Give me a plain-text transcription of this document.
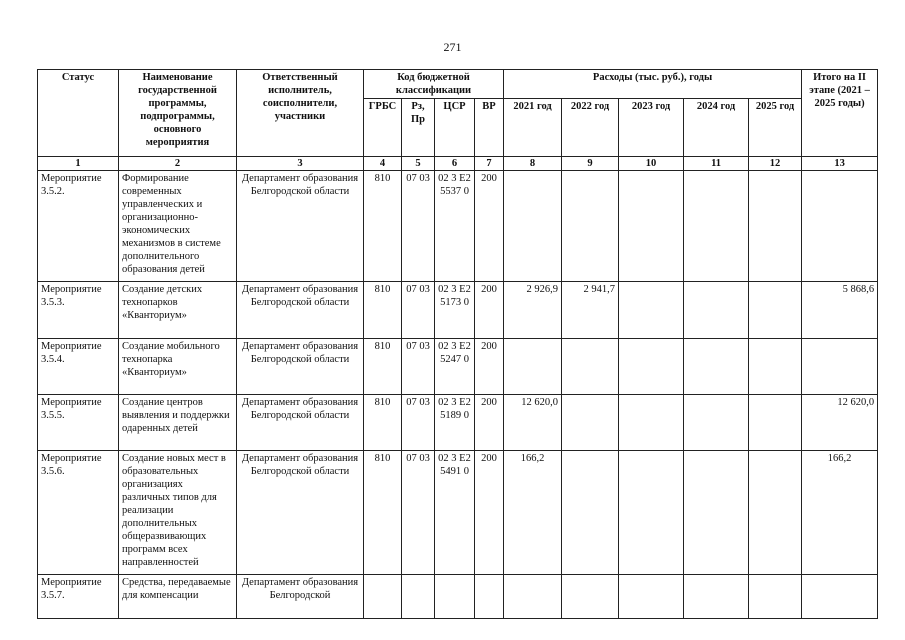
271
Статус	Наименование государственной программы, подпрограммы, основного мероприятия	Ответственный исполнитель, соисполнители, участники	Код бюджетной классификации				Расходы (тыс. руб.), годы					Итого на II этапе (2021 – 2025 годы)
			ГРБС	Рз, Пр	ЦСР	ВР	2021 год	2022 год	2023 год	2024 год	2025 год	
1	2	3	4	5	6	7	8	9	10	11	12	13
Мероприятие 3.5.2.	Формирование современных управленческих и организационно-экономических механизмов в системе дополнительного образования детей	Департамент образования Белгородской области	810	07 03	02 3 Е2 5537 0	200						
Мероприятие 3.5.3.	Создание детских технопарков «Кванториум»	Департамент образования Белгородской области	810	07 03	02 3 Е2 5173 0	200	2 926,9	2 941,7				5 868,6
Мероприятие 3.5.4.	Создание мобильного технопарка «Кванториум»	Департамент образования Белгородской области	810	07 03	02 3 Е2 5247 0	200						
Мероприятие 3.5.5.	Создание центров выявления и поддержки одаренных детей	Департамент образования Белгородской области	810	07 03	02 3 Е2 5189 0	200	12 620,0					12 620,0
Мероприятие 3.5.6.	Создание новых мест в образовательных организациях различных типов для реализации дополнительных общеразвивающих программ всех направленностей	Департамент образования Белгородской области	810	07 03	02 3 Е2 5491 0	200	166,2					166,2
Мероприятие 3.5.7.	Средства, передаваемые для компенсации	Департамент образования Белгородской										
